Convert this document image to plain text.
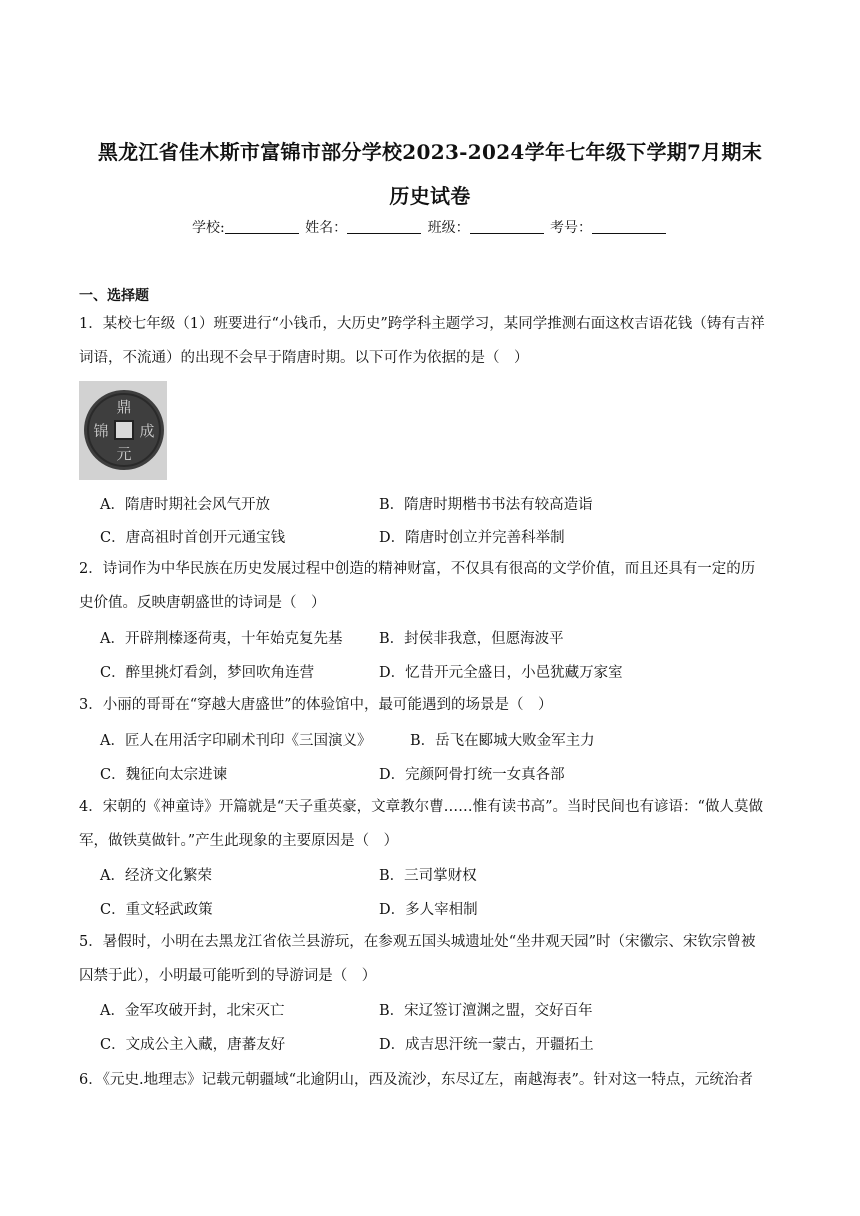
黑龙江省佳木斯市富锦市部分学校2023-2024学年七年级下学期7月期末
历史试卷
学校:	姓名：	班级：	考号：
一、选择题
1．某校七年级（1）班要进行“小钱币，大历史”跨学科主题学习，某同学推测右面这枚吉语花钱（铸有吉祥
词语，不流通）的出现不会早于隋唐时期。以下可作为依据的是（　）
鼎
锦 成
元
A．隋唐时期社会风气开放	B．隋唐时期楷书书法有较高造诣
C．唐高祖时首创开元通宝钱	D．隋唐时创立并完善科举制
2．诗词作为中华民族在历史发展过程中创造的精神财富，不仅具有很高的文学价值，而且还具有一定的历
史价值。反映唐朝盛世的诗词是（　）
A．开辟荆榛逐荷夷，十年始克复先基	B．封侯非我意，但愿海波平
C．醉里挑灯看剑，梦回吹角连营	D．忆昔开元全盛日，小邑犹藏万家室
3．小丽的哥哥在“穿越大唐盛世”的体验馆中，最可能遇到的场景是（　）
A．匠人在用活字印刷术刊印《三国演义》	B．岳飞在郾城大败金军主力
C．魏征向太宗进谏	D．完颜阿骨打统一女真各部
4．宋朝的《神童诗》开篇就是“天子重英豪，文章教尔曹……惟有读书高”。当时民间也有谚语：“做人莫做
军，做铁莫做针。”产生此现象的主要原因是（　）
A．经济文化繁荣	B．三司掌财权
C．重文轻武政策	D．多人宰相制
5．暑假时，小明在去黑龙江省依兰县游玩，在参观五国头城遗址处“坐井观天园”时（宋徽宗、宋钦宗曾被
囚禁于此），小明最可能听到的导游词是（　）
A．金军攻破开封，北宋灭亡	B．宋辽签订澶渊之盟，交好百年
C．文成公主入藏，唐蕃友好	D．成吉思汗统一蒙古，开疆拓土
6．《元史.地理志》记载元朝疆域“北逾阴山，西及流沙，东尽辽左，南越海表”。针对这一特点，元统治者
